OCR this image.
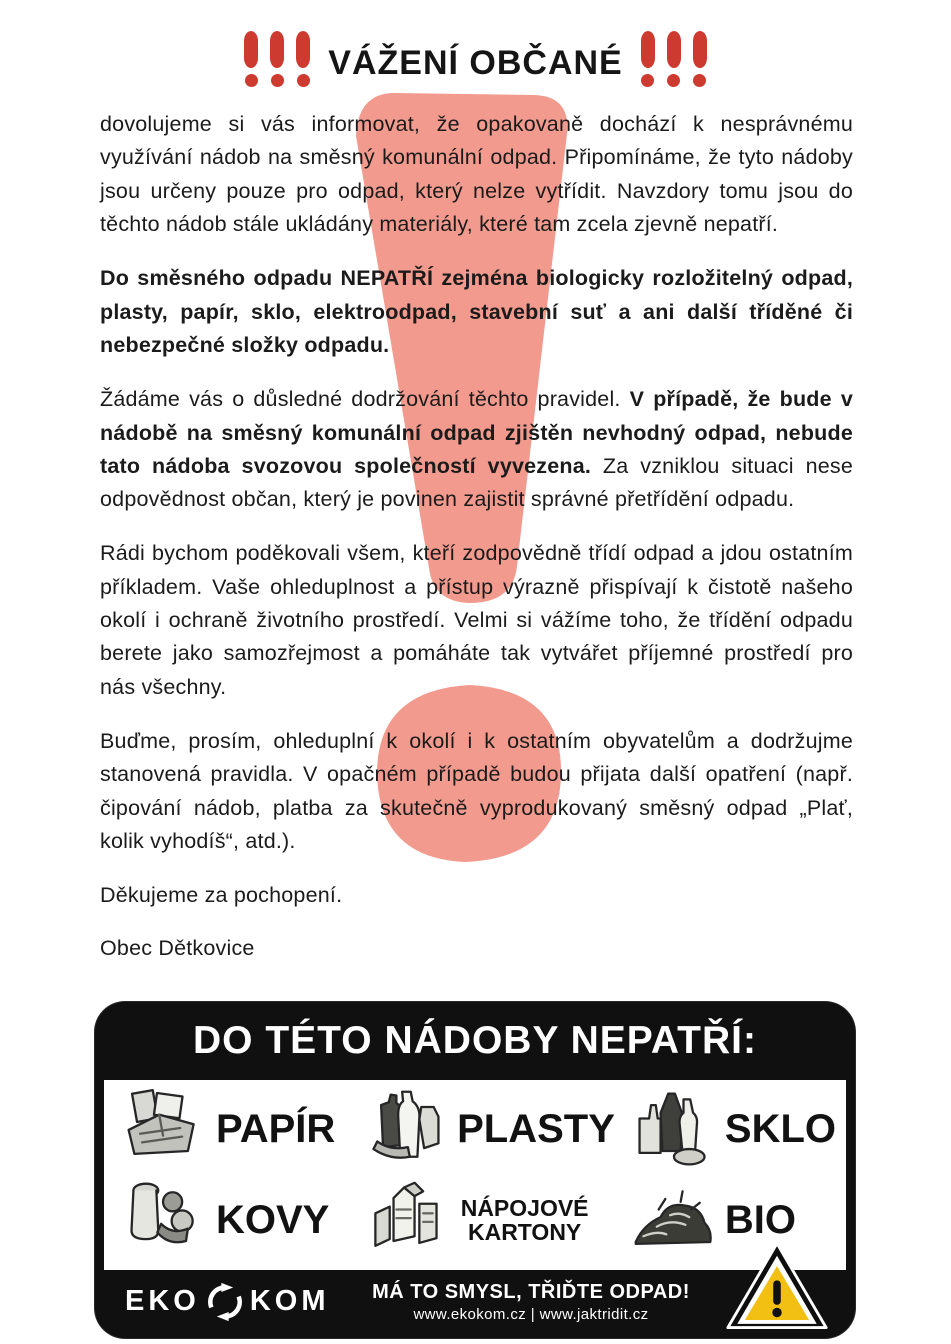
VÁŽENÍ OBČANÉ

dovolujeme si vás informovat, že opakovaně dochází k nesprávnému využívání nádob na směsný komunální odpad. Připomínáme, že tyto nádoby jsou určeny pouze pro odpad, který nelze vytřídit. Navzdory tomu jsou do těchto nádob stále ukládány materiály, které tam zcela zjevně nepatří.

Do směsného odpadu NEPATŘÍ zejména biologicky rozložitelný odpad, plasty, papír, sklo, elektroodpad, stavební suť a ani další tříděné či nebezpečné složky odpadu.

Žádáme vás o důsledné dodržování těchto pravidel. V případě, že bude v nádobě na směsný komunální odpad zjištěn nevhodný odpad, nebude tato nádoba svozovou společností vyvezena. Za vzniklou situaci nese odpovědnost občan, který je povinen zajistit správné přetřídění odpadu.

Rádi bychom poděkovali všem, kteří zodpovědně třídí odpad a jdou ostatním příkladem. Vaše ohleduplnost a přístup výrazně přispívají k čistotě našeho okolí i ochraně životního prostředí. Velmi si vážíme toho, že třídění odpadu berete jako samozřejmost a pomáháte tak vytvářet příjemné prostředí pro nás všechny.

Buďme, prosím, ohleduplní k okolí i k ostatním obyvatelům a dodržujme stanovená pravidla. V opačném případě budou přijata další opatření (např. čipování nádob, platba za skutečně vyprodukovaný směsný odpad „Plať, kolik vyhodíš“, atd.).

Děkujeme za pochopení.

Obec Dětkovice

DO TÉTO NÁDOBY NEPATŘÍ:
PAPÍR	PLASTY	SKLO
KOVY	NÁPOJOVÉ KARTONY	BIO
EKO KOM	MÁ TO SMYSL, TŘIĎTE ODPAD!
www.ekokom.cz | www.jaktridit.cz
